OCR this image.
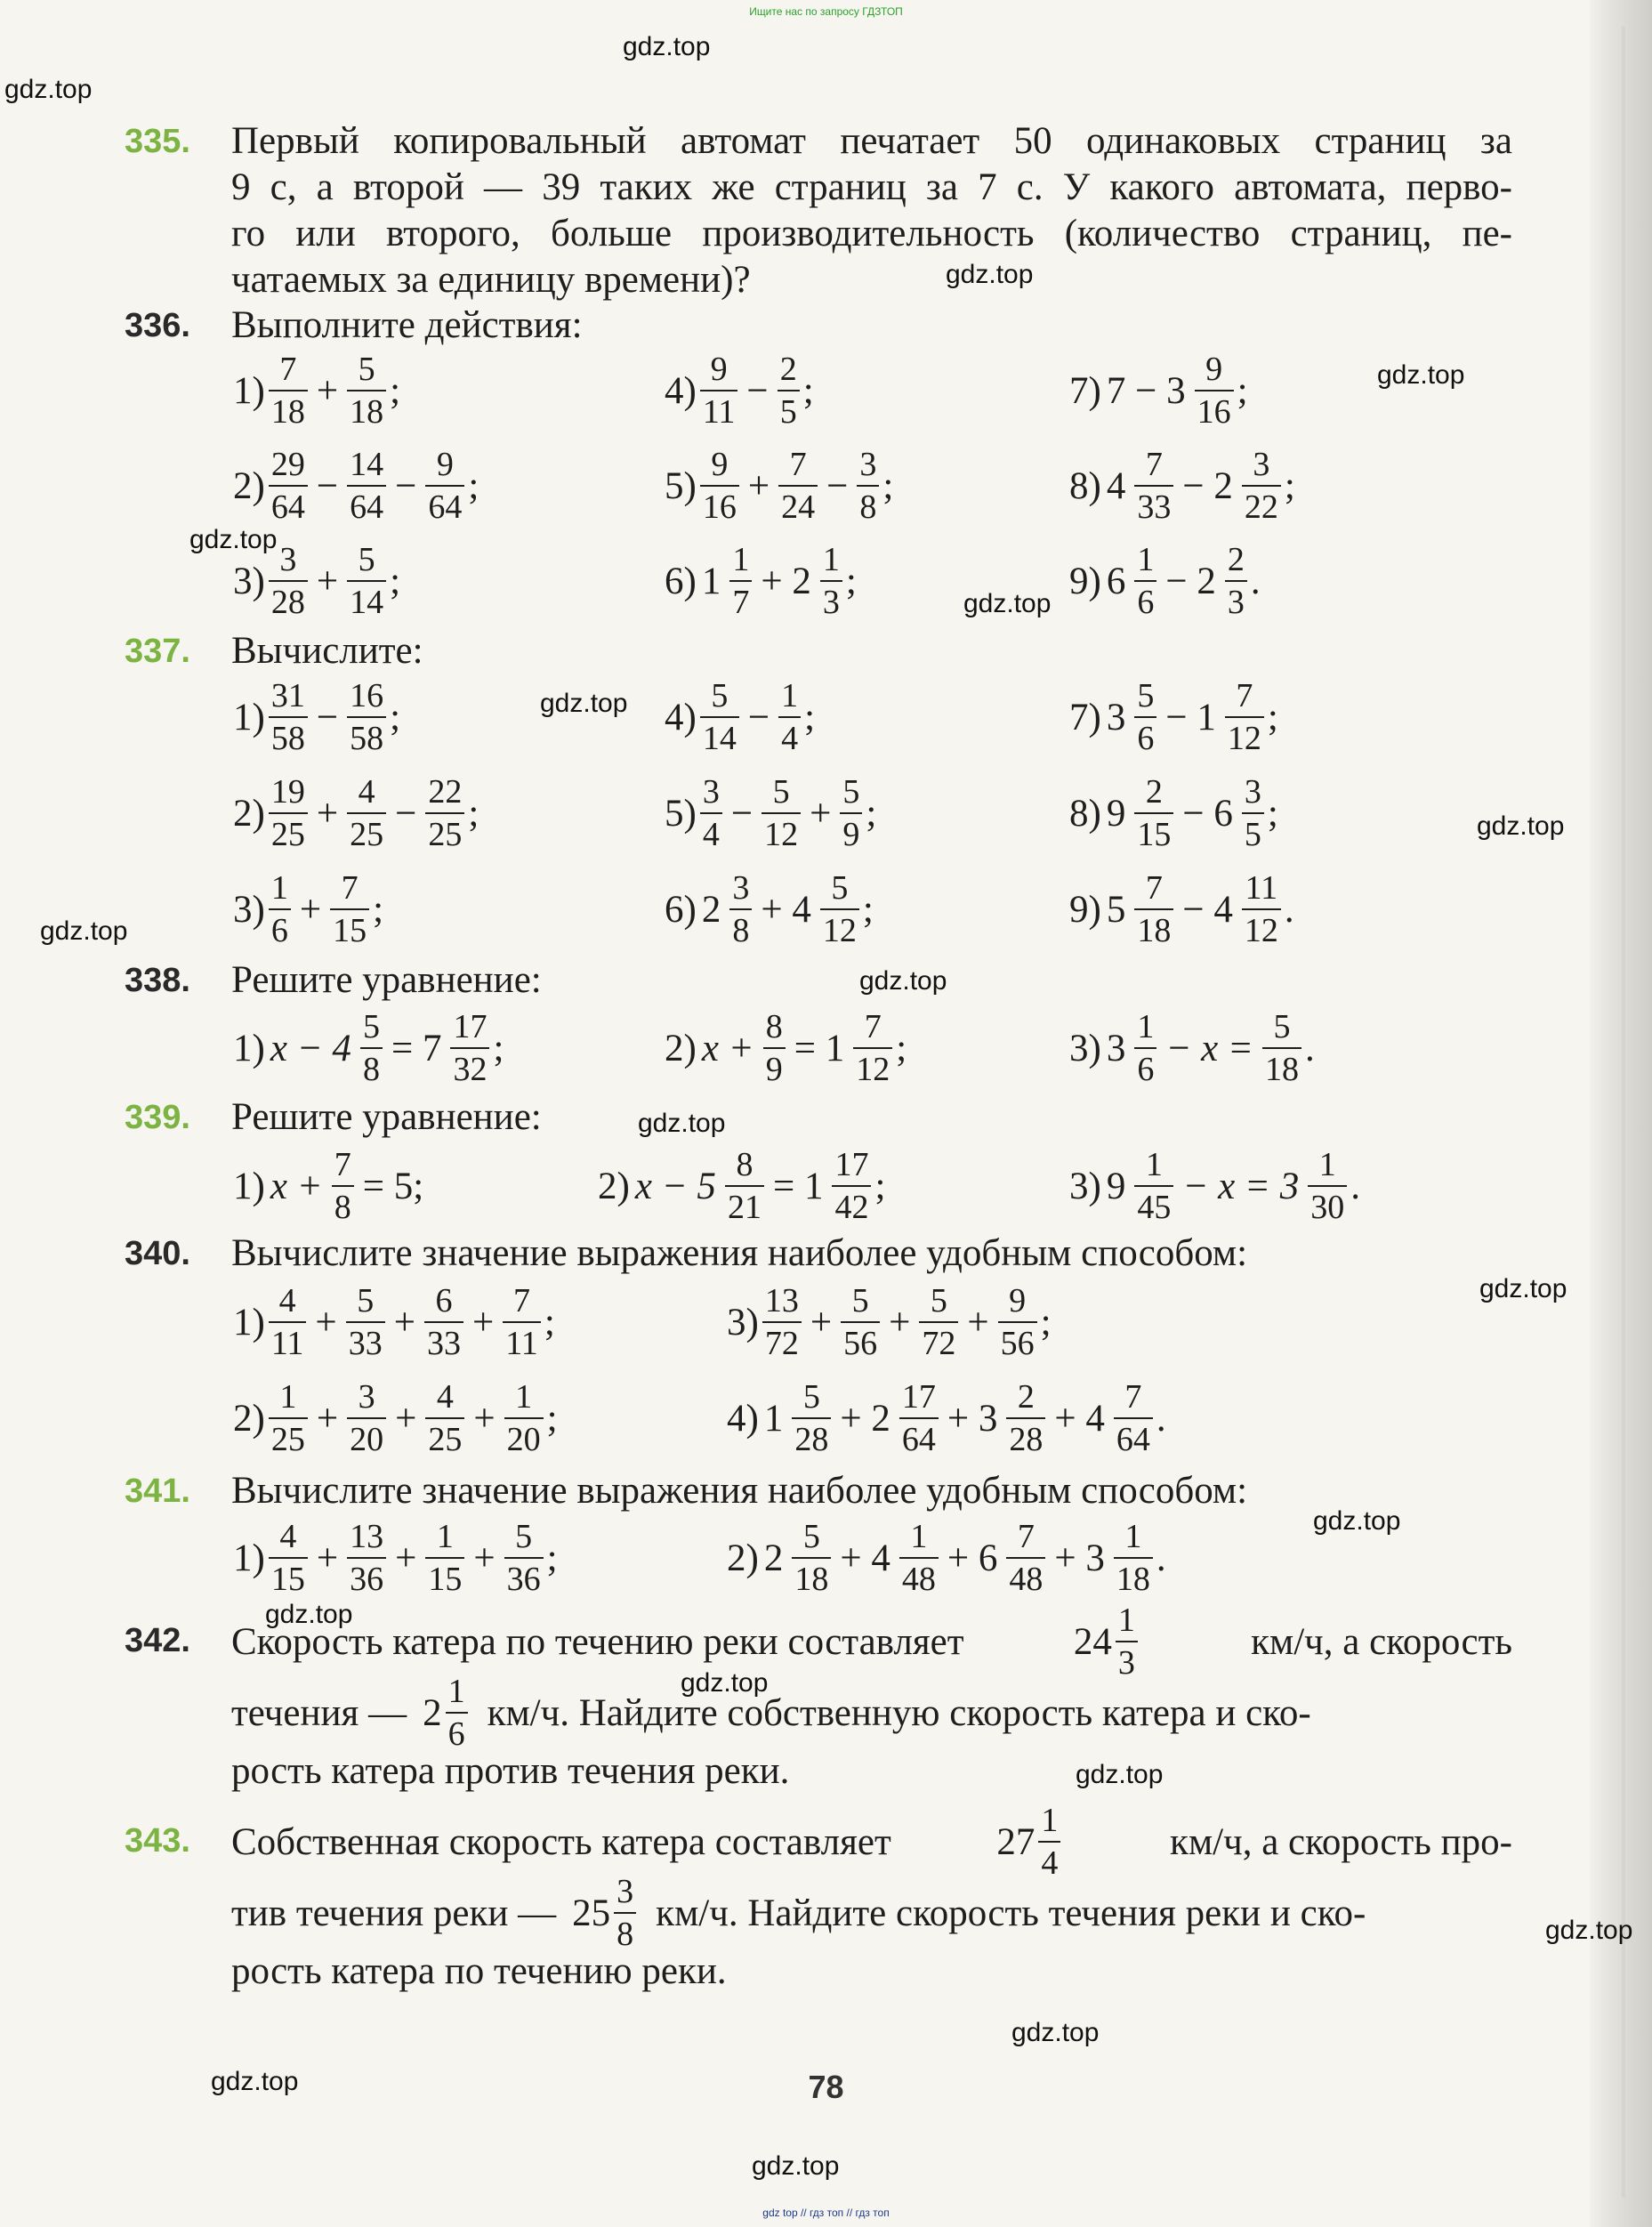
Ищите нас по запросу ГДЗТОП
gdz.top
gdz.top
gdz.top
gdz.top
gdz.top
gdz.top
gdz.top
gdz.top
gdz.top
gdz.top
gdz.top
gdz.top
gdz.top
gdz.top
gdz.top
gdz.top
gdz.top
gdz.top
gdz.top
gdz.top
335. Первый копировальный автомат печатает 50 одинаковых страниц за
9 с, а второй — 39 таких же страниц за 7 с. У какого автомата, перво-
го или второго, больше производительность (количество страниц, пе-
чатаемых за единицу времени)?
336. Выполните действия:
$1) \frac{7}{18} + \frac{5}{18}$ ;	$4) \frac{9}{11} - \frac{2}{5}$ ;	7) $7 - 3 \frac{9}{16}$ ;
$2) \frac{29}{64} - \frac{14}{64} - \frac{9}{64}$ ;	$5) \frac{9}{16} + \frac{7}{24} - \frac{3}{8}$ ;	8) $4 \frac{7}{33} - 2 \frac{3}{22}$ ;
$3) \frac{3}{28} + \frac{5}{14}$ ;	6) $1 \frac{1}{7} + 2 \frac{1}{3}$ ;	9) $6 \frac{1}{6} - 2 \frac{2}{3}$ .
337. Вычислите:
$1) \frac{31}{58} - \frac{16}{58}$ ;	$4) \frac{5}{14} - \frac{1}{4}$ ;	7) $3 \frac{5}{6} - 1 \frac{7}{12}$ ;
$2) \frac{19}{25} + \frac{4}{25} - \frac{22}{25}$ ;	$5) \frac{3}{4} - \frac{5}{12} + \frac{5}{9}$ ;	8) $9 \frac{2}{15} - 6 \frac{3}{5}$ ;
$3) \frac{1}{6} + \frac{7}{15}$ ;	6) $2 \frac{3}{8} + 4 \frac{5}{12}$ ;	9) $5 \frac{7}{18} - 4 \frac{11}{12}$ .
338. Решите уравнение:
1) $x - 4 \frac{5}{8} = 7 \frac{17}{32}$ ;	2) $x + \frac{8}{9} = 1 \frac{7}{12}$ ;	3) $3 \frac{1}{6} - x = \frac{5}{18}$ .
339. Решите уравнение:
1) $x + \frac{7}{8} = 5$;	2) $x - 5 \frac{8}{21} = 1 \frac{17}{42}$ ;	3) $9 \frac{1}{45} - x = 3 \frac{1}{30}$ .
340. Вычислите значение выражения наиболее удобным способом:
$1) \frac{4}{11} + \frac{5}{33} + \frac{6}{33} + \frac{7}{11}$ ;	$3) \frac{13}{72} + \frac{5}{56} + \frac{5}{72} + \frac{9}{56}$ ;
$2) \frac{1}{25} + \frac{3}{20} + \frac{4}{25} + \frac{1}{20}$ ;	4) $1 \frac{5}{28} + 2 \frac{17}{64} + 3 \frac{2}{28} + 4 \frac{7}{64}$ .
341. Вычислите значение выражения наиболее удобным способом:
$1) \frac{4}{15} + \frac{13}{36} + \frac{1}{15} + \frac{5}{36}$ ;	2) $2 \frac{5}{18} + 4 \frac{1}{48} + 6 \frac{7}{48} + 3 \frac{1}{18}$ .
342. Скорость катера по течению реки составляет	$24 \frac{1}{3}$	км/ч, а скорость
течения — $2 \frac{1}{6} км/ч$. Найдите собственную скорость катера и ско-
рость катера против течения реки.
343. Собственная скорость катера составляет	$27 \frac{1}{4}$	км/ч, а скорость про-
тив течения реки — $25 \frac{3}{8} км/ч$. Найдите скорость течения реки и ско-
рость катера по течению реки.
78
gdz top // гдз топ // гдз топ
